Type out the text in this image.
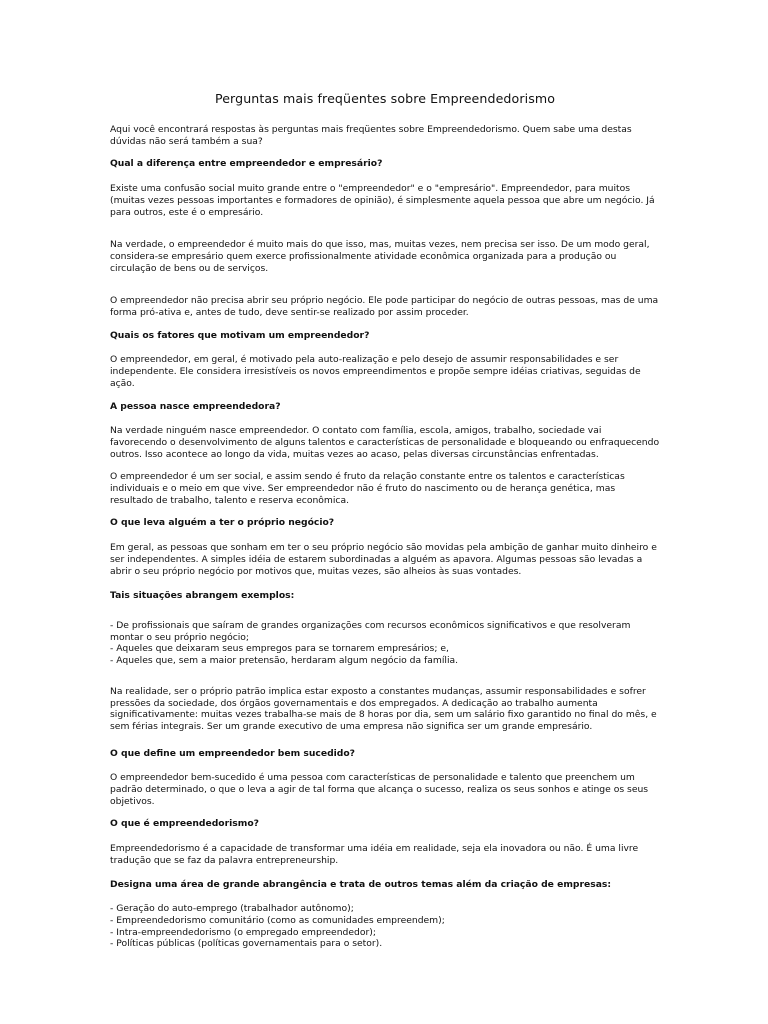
Perguntas mais freqüentes sobre Empreendedorismo

Aqui você encontrará respostas às perguntas mais freqüentes sobre Empreendedorismo. Quem sabe uma destas dúvidas não será também a sua?

Qual a diferença entre empreendedor e empresário?

Existe uma confusão social muito grande entre o "empreendedor" e o "empresário". Empreendedor, para muitos (muitas vezes pessoas importantes e formadores de opinião), é simplesmente aquela pessoa que abre um negócio. Já para outros, este é o empresário.

Na verdade, o empreendedor é muito mais do que isso, mas, muitas vezes, nem precisa ser isso. De um modo geral, considera-se empresário quem exerce profissionalmente atividade econômica organizada para a produção ou circulação de bens ou de serviços.

O empreendedor não precisa abrir seu próprio negócio. Ele pode participar do negócio de outras pessoas, mas de uma forma pró-ativa e, antes de tudo, deve sentir-se realizado por assim proceder.

Quais os fatores que motivam um empreendedor?

O empreendedor, em geral, é motivado pela auto-realização e pelo desejo de assumir responsabilidades e ser independente. Ele considera irresistíveis os novos empreendimentos e propõe sempre idéias criativas, seguidas de ação.

A pessoa nasce empreendedora?

Na verdade ninguém nasce empreendedor. O contato com família, escola, amigos, trabalho, sociedade vai favorecendo o desenvolvimento de alguns talentos e características de personalidade e bloqueando ou enfraquecendo outros. Isso acontece ao longo da vida, muitas vezes ao acaso, pelas diversas circunstâncias enfrentadas.

O empreendedor é um ser social, e assim sendo é fruto da relação constante entre os talentos e características individuais e o meio em que vive. Ser empreendedor não é fruto do nascimento ou de herança genética, mas resultado de trabalho, talento e reserva econômica.

O que leva alguém a ter o próprio negócio?

Em geral, as pessoas que sonham em ter o seu próprio negócio são movidas pela ambição de ganhar muito dinheiro e ser independentes. A simples idéia de estarem subordinadas a alguém as apavora. Algumas pessoas são levadas a abrir o seu próprio negócio por motivos que, muitas vezes, são alheios às suas vontades.

Tais situações abrangem exemplos:

- De profissionais que saíram de grandes organizações com recursos econômicos significativos e que resolveram montar o seu próprio negócio;
- Aqueles que deixaram seus empregos para se tornarem empresários; e,
- Aqueles que, sem a maior pretensão, herdaram algum negócio da família.

Na realidade, ser o próprio patrão implica estar exposto a constantes mudanças, assumir responsabilidades e sofrer pressões da sociedade, dos órgãos governamentais e dos empregados. A dedicação ao trabalho aumenta significativamente: muitas vezes trabalha-se mais de 8 horas por dia, sem um salário fixo garantido no final do mês, e sem férias integrais. Ser um grande executivo de uma empresa não significa ser um grande empresário.

O que define um empreendedor bem sucedido?

O empreendedor bem-sucedido é uma pessoa com características de personalidade e talento que preenchem um padrão determinado, o que o leva a agir de tal forma que alcança o sucesso, realiza os seus sonhos e atinge os seus objetivos.

O que é empreendedorismo?

Empreendedorismo é a capacidade de transformar uma idéia em realidade, seja ela inovadora ou não. É uma livre tradução que se faz da palavra entrepreneurship.

Designa uma área de grande abrangência e trata de outros temas além da criação de empresas:

- Geração do auto-emprego (trabalhador autônomo);
- Empreendedorismo comunitário (como as comunidades empreendem);
- Intra-empreendedorismo (o empregado empreendedor);
- Políticas públicas (políticas governamentais para o setor).
